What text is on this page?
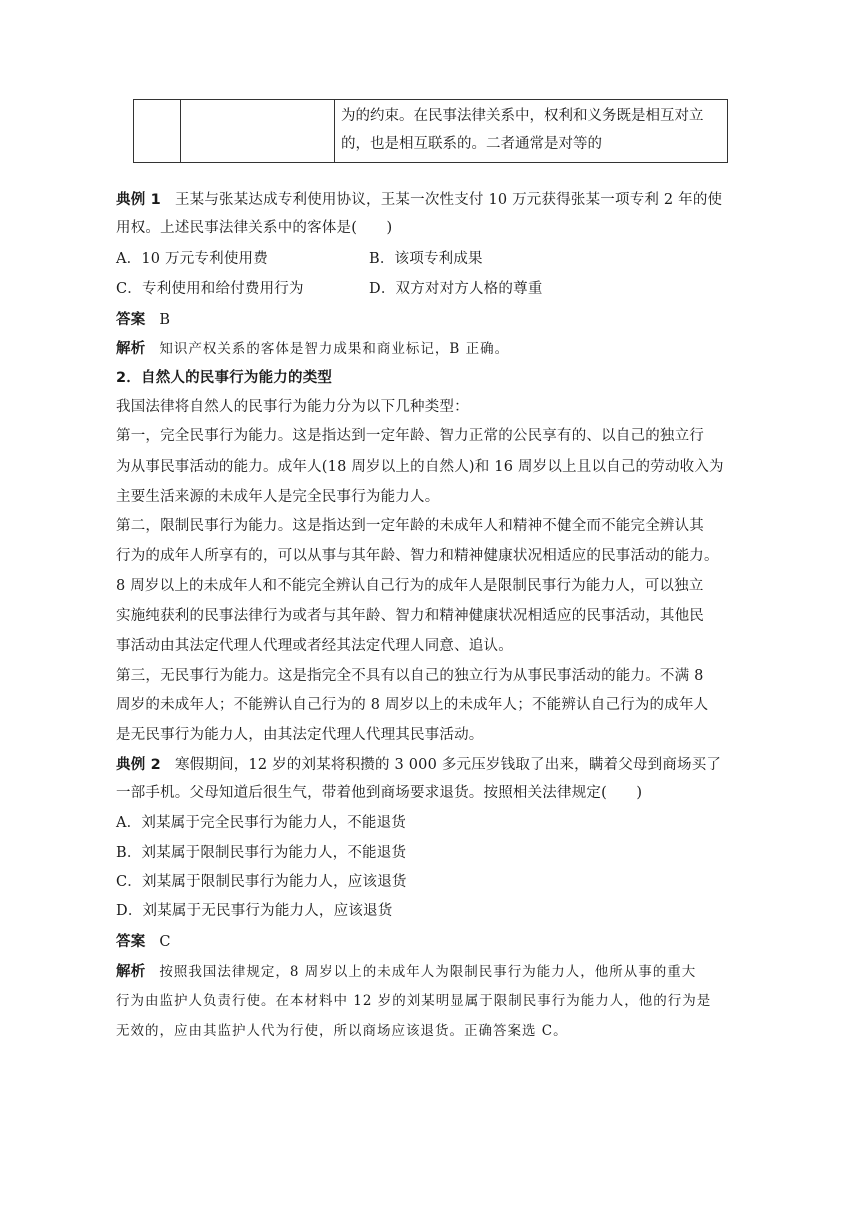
为的约束。在民事法律关系中，权利和义务既是相互对立
的，也是相互联系的。二者通常是对等的
典例 1 王某与张某达成专利使用协议，王某一次性支付 10 万元获得张某一项专利 2 年的使
用权。上述民事法律关系中的客体是(　　)
A．10 万元专利使用费	B．该项专利成果
C．专利使用和给付费用行为	D．双方对对方人格的尊重
答案 B
解析 知识产权关系的客体是智力成果和商业标记，B 正确。
2．自然人的民事行为能力的类型
我国法律将自然人的民事行为能力分为以下几种类型：
第一，完全民事行为能力。这是指达到一定年龄、智力正常的公民享有的、以自己的独立行
为从事民事活动的能力。成年人(18 周岁以上的自然人)和 16 周岁以上且以自己的劳动收入为
主要生活来源的未成年人是完全民事行为能力人。
第二，限制民事行为能力。这是指达到一定年龄的未成年人和精神不健全而不能完全辨认其
行为的成年人所享有的，可以从事与其年龄、智力和精神健康状况相适应的民事活动的能力。
8 周岁以上的未成年人和不能完全辨认自己行为的成年人是限制民事行为能力人，可以独立
实施纯获利的民事法律行为或者与其年龄、智力和精神健康状况相适应的民事活动，其他民
事活动由其法定代理人代理或者经其法定代理人同意、追认。
第三，无民事行为能力。这是指完全不具有以自己的独立行为从事民事活动的能力。不满 8
周岁的未成年人；不能辨认自己行为的 8 周岁以上的未成年人；不能辨认自己行为的成年人
是无民事行为能力人，由其法定代理人代理其民事活动。
典例 2 寒假期间，12 岁的刘某将积攒的 3 000 多元压岁钱取了出来，瞒着父母到商场买了
一部手机。父母知道后很生气，带着他到商场要求退货。按照相关法律规定(　　)
A．刘某属于完全民事行为能力人，不能退货
B．刘某属于限制民事行为能力人，不能退货
C．刘某属于限制民事行为能力人，应该退货
D．刘某属于无民事行为能力人，应该退货
答案 C
解析 按照我国法律规定，8 周岁以上的未成年人为限制民事行为能力人，他所从事的重大
行为由监护人负责行使。在本材料中 12 岁的刘某明显属于限制民事行为能力人，他的行为是
无效的，应由其监护人代为行使，所以商场应该退货。正确答案选 C。
